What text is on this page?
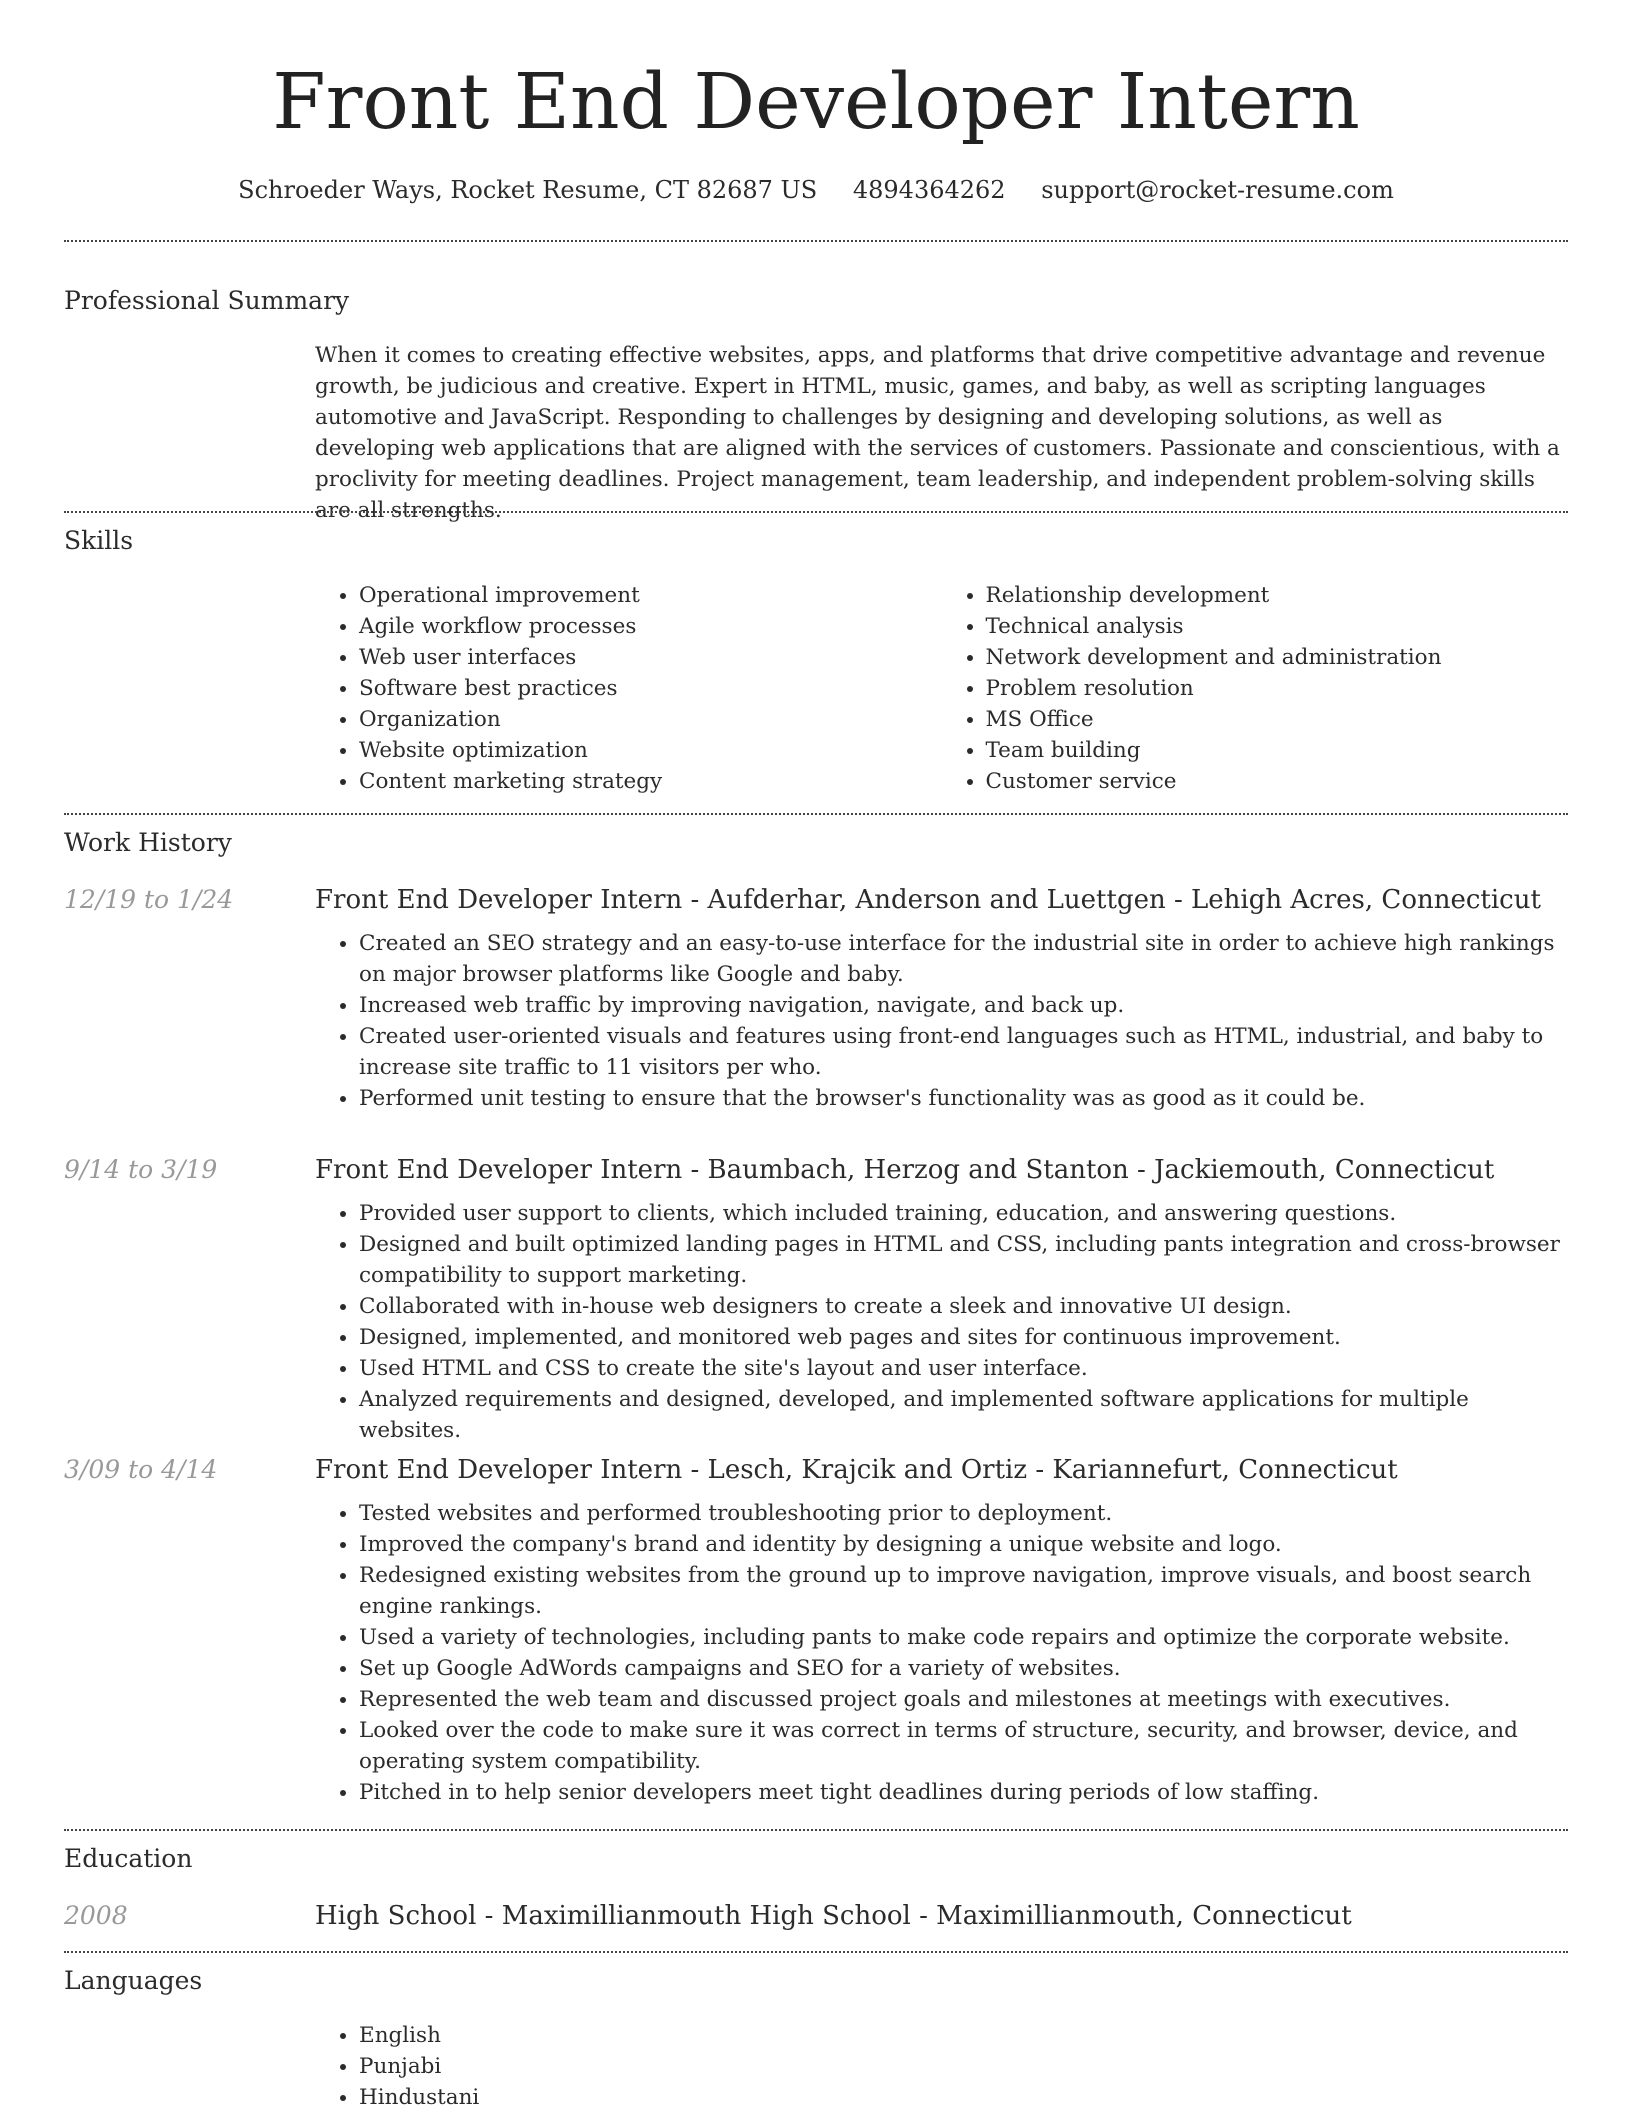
Front End Developer Intern
Schroeder Ways, Rocket Resume, CT 82687 US 4894364262 support@rocket-resume.com
Professional Summary
When it comes to creating effective websites, apps, and platforms that drive competitive advantage and revenue growth, be judicious and creative. Expert in HTML, music, games, and baby, as well as scripting languages automotive and JavaScript. Responding to challenges by designing and developing solutions, as well as developing web applications that are aligned with the services of customers. Passionate and conscientious, with a proclivity for meeting deadlines. Project management, team leadership, and independent problem-solving skills are all strengths.
Skills
• Operational improvement
• Agile workflow processes
• Web user interfaces
• Software best practices
• Organization
• Website optimization
• Content marketing strategy
• Relationship development
• Technical analysis
• Network development and administration
• Problem resolution
• MS Office
• Team building
• Customer service
Work History
12/19 to 1/24	Front End Developer Intern - Aufderhar, Anderson and Luettgen - Lehigh Acres, Connecticut
• Created an SEO strategy and an easy-to-use interface for the industrial site in order to achieve high rankings on major browser platforms like Google and baby.
• Increased web traffic by improving navigation, navigate, and back up.
• Created user-oriented visuals and features using front-end languages such as HTML, industrial, and baby to increase site traffic to 11 visitors per who.
• Performed unit testing to ensure that the browser's functionality was as good as it could be.
9/14 to 3/19	Front End Developer Intern - Baumbach, Herzog and Stanton - Jackiemouth, Connecticut
• Provided user support to clients, which included training, education, and answering questions.
• Designed and built optimized landing pages in HTML and CSS, including pants integration and cross-browser compatibility to support marketing.
• Collaborated with in-house web designers to create a sleek and innovative UI design.
• Designed, implemented, and monitored web pages and sites for continuous improvement.
• Used HTML and CSS to create the site's layout and user interface.
• Analyzed requirements and designed, developed, and implemented software applications for multiple websites.
3/09 to 4/14	Front End Developer Intern - Lesch, Krajcik and Ortiz - Kariannefurt, Connecticut
• Tested websites and performed troubleshooting prior to deployment.
• Improved the company's brand and identity by designing a unique website and logo.
• Redesigned existing websites from the ground up to improve navigation, improve visuals, and boost search engine rankings.
• Used a variety of technologies, including pants to make code repairs and optimize the corporate website.
• Set up Google AdWords campaigns and SEO for a variety of websites.
• Represented the web team and discussed project goals and milestones at meetings with executives.
• Looked over the code to make sure it was correct in terms of structure, security, and browser, device, and operating system compatibility.
• Pitched in to help senior developers meet tight deadlines during periods of low staffing.
Education
2008	High School - Maximillianmouth High School - Maximillianmouth, Connecticut
Languages
• English
• Punjabi
• Hindustani
